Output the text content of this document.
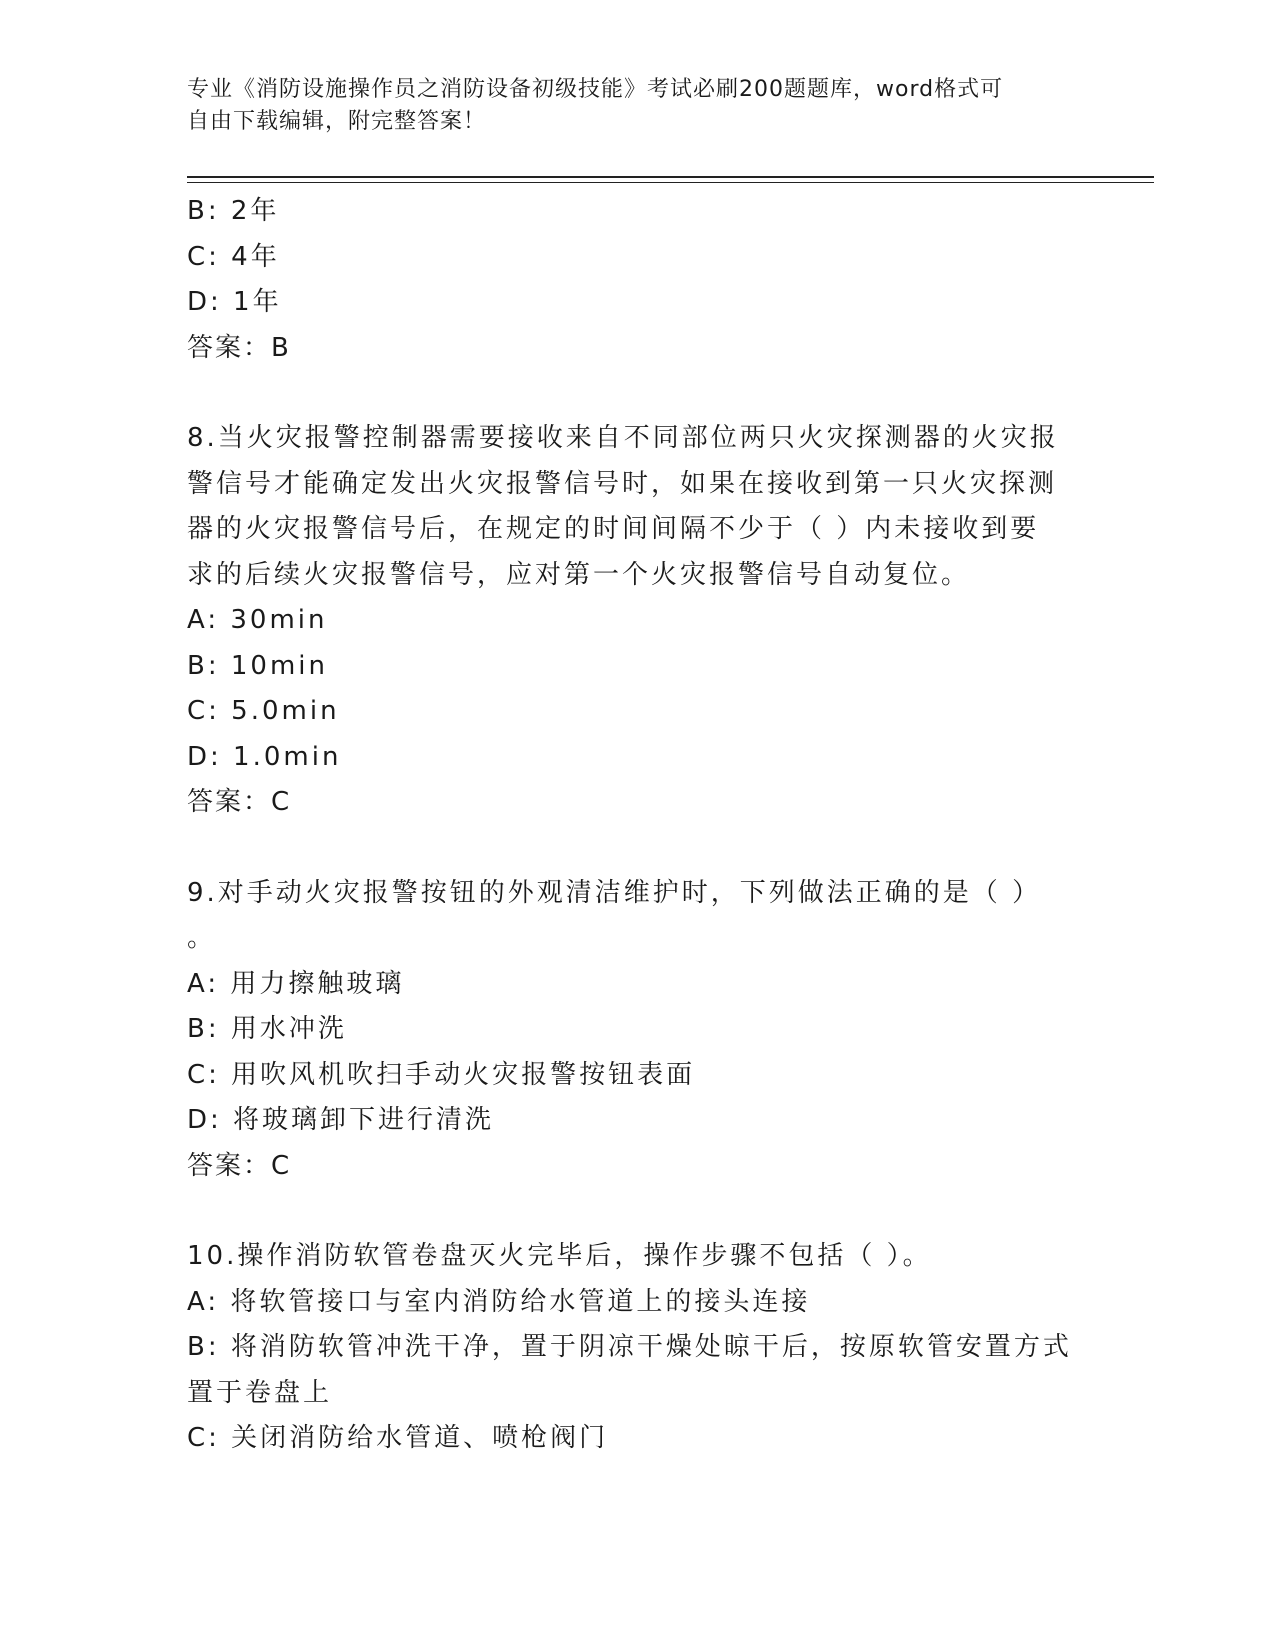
专业《消防设施操作员之消防设备初级技能》考试必刷200题题库，word格式可
自由下载编辑，附完整答案！
B: 2年
C: 4年
D: 1年
答案：B
8.当火灾报警控制器需要接收来自不同部位两只火灾探测器的火灾报
警信号才能确定发出火灾报警信号时，如果在接收到第一只火灾探测
器的火灾报警信号后，在规定的时间间隔不少于（ ）内未接收到要
求的后续火灾报警信号，应对第一个火灾报警信号自动复位。
A: 30min
B: 10min
C: 5.0min
D: 1.0min
答案：C
9.对手动火灾报警按钮的外观清洁维护时，下列做法正确的是（ ）
。
A: 用力擦触玻璃
B: 用水冲洗
C: 用吹风机吹扫手动火灾报警按钮表面
D: 将玻璃卸下进行清洗
答案：C
10.操作消防软管卷盘灭火完毕后，操作步骤不包括（ ）。
A: 将软管接口与室内消防给水管道上的接头连接
B: 将消防软管冲洗干净，置于阴凉干燥处晾干后，按原软管安置方式
置于卷盘上
C: 关闭消防给水管道、喷枪阀门
